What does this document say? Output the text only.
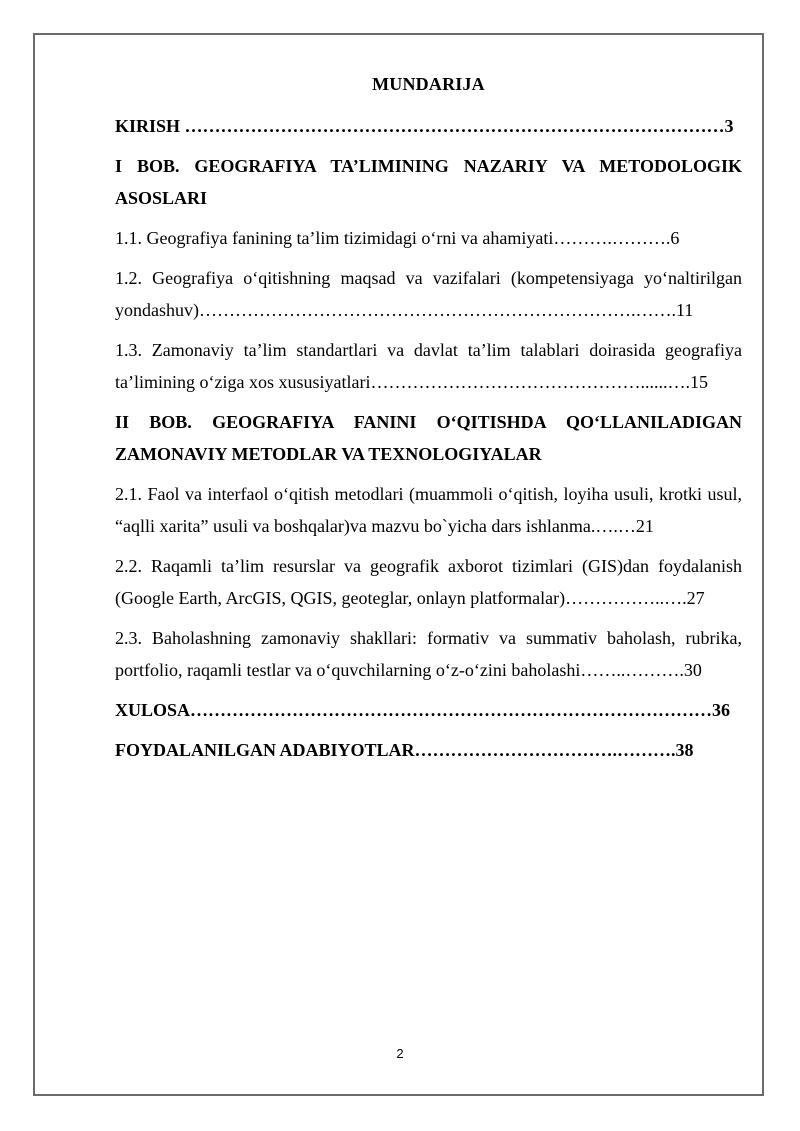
MUNDARIJA
KIRISH ………………………………………………………………………………3
I BOB. GEOGRAFIYA TA’LIMINING NAZARIY VA METODOLOGIK ASOSLARI
1.1. Geografiya fanining ta’lim tizimidagi o‘rni va ahamiyati……….……….6
1.2. Geografiya o‘qitishning maqsad va vazifalari (kompetensiyaga yo‘naltirilgan yondashuv)……………………………………………………………….…….11
1.3. Zamonaviy ta’lim standartlari va davlat ta’lim talablari doirasida geografiya ta’limining o‘ziga xos xususiyatlari………………………………………......….15
II BOB. GEOGRAFIYA FANINI O‘QITISHDA QO‘LLANILADIGAN ZAMONAVIY METODLAR VA TEXNOLOGIYALAR
2.1. Faol va interfaol o‘qitish metodlari (muammoli o‘qitish, loyiha usuli, krotki usul, “aqlli xarita” usuli va boshqalar)va mazvu bo`yicha dars ishlanma.….…21
2.2. Raqamli ta’lim resurslar va geografik axborot tizimlari (GIS)dan foydalanish (Google Earth, ArcGIS, QGIS, geoteglar, onlayn platformalar)……………..….27
2.3. Baholashning zamonaviy shakllari: formativ va summativ baholash, rubrika, portfolio, raqamli testlar va o‘quvchilarning o‘z-o‘zini baholashi……..……….30
XULOSA……………………………………………………………………………36
FOYDALANILGAN ADABIYOTLAR…………………………….……….38
2
